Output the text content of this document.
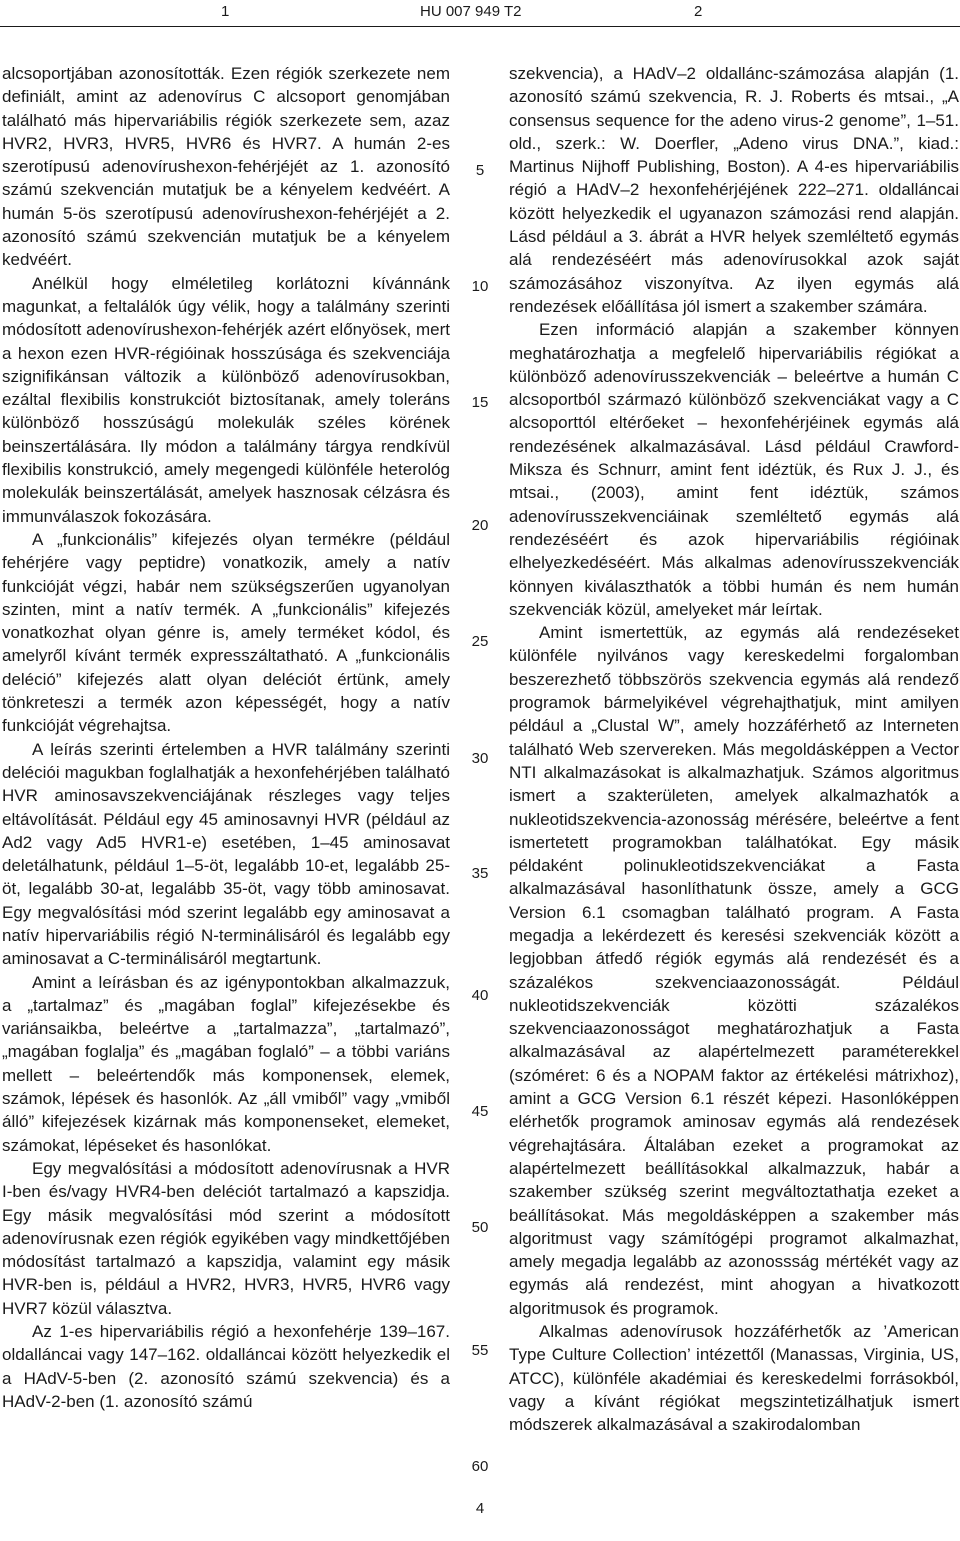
1	HU 007 949 T2	2

alcsoportjában azonosították. Ezen régiók szerkezete nem definiált, amint az adenovírus C alcsoport genomjában található más hipervariábilis régiók szerkezete sem, azaz HVR2, HVR3, HVR5, HVR6 és HVR7. A humán 2-es szerotípusú adenovírushexon-fehérjéjét az 1. azonosító számú szekvencián mutatjuk be a kényelem kedvéért. A humán 5-ös szerotípusú adenovírushexon-fehérjéjét a 2. azonosító számú szekvencián mutatjuk be a kényelem kedvéért.

Anélkül hogy elméletileg korlátozni kívánnánk magunkat, a feltalálók úgy vélik, hogy a találmány szerinti módosított adenovírushexon-fehérjék azért előnyösek, mert a hexon ezen HVR-régióinak hosszúsága és szekvenciája szignifikánsan változik a különböző adenovírusokban, ezáltal flexibilis konstrukciót biztosítanak, amely toleráns különböző hosszúságú molekulák széles körének beinszertálására. Ily módon a találmány tárgya rendkívül flexibilis konstrukció, amely megengedi különféle heterológ molekulák beinszertálását, amelyek hasznosak célzásra és immunválaszok fokozására.

A „funkcionális” kifejezés olyan termékre (például fehérjére vagy peptidre) vonatkozik, amely a natív funkcióját végzi, habár nem szükségszerűen ugyanolyan szinten, mint a natív termék. A „funkcionális” kifejezés vonatkozhat olyan génre is, amely terméket kódol, és amelyről kívánt termék expresszáltatható. A „funkcionális deléció” kifejezés alatt olyan deléciót értünk, amely tönkreteszi a termék azon képességét, hogy a natív funkcióját végrehajtsa.

A leírás szerinti értelemben a HVR találmány szerinti deléciói magukban foglalhatják a hexonfehérjében található HVR aminosavszekvenciájának részleges vagy teljes eltávolítását. Például egy 45 aminosavnyi HVR (például az Ad2 vagy Ad5 HVR1-e) esetében, 1–45 aminosavat deletálhatunk, például 1–5-öt, legalább 10-et, legalább 25-öt, legalább 30-at, legalább 35-öt, vagy több aminosavat. Egy megvalósítási mód szerint legalább egy aminosavat a natív hipervariábilis régió N-terminálisáról és legalább egy aminosavat a C-terminálisáról megtartunk.

Amint a leírásban és az igénypontokban alkalmazzuk, a „tartalmaz” és „magában foglal” kifejezésekbe és variánsaikba, beleértve a „tartalmazza”, „tartalmazó”, „magában foglalja” és „magában foglaló” – a többi variáns mellett – beleértendők más komponensek, elemek, számok, lépések és hasonlók. Az „áll vmiből” vagy „vmiből álló” kifejezések kizárnak más komponenseket, elemeket, számokat, lépéseket és hasonlókat.

Egy megvalósítási a módosított adenovírusnak a HVR I-ben és/vagy HVR4-ben deléciót tartalmazó a kapszidja. Egy másik megvalósítási mód szerint a módosított adenovírusnak ezen régiók egyikében vagy mindkettőjében módosítást tartalmazó a kapszidja, valamint egy másik HVR-ben is, például a HVR2, HVR3, HVR5, HVR6 vagy HVR7 közül választva.

Az 1-es hipervariábilis régió a hexonfehérje 139–167. oldalláncai vagy 147–162. oldalláncai között helyezkedik el a HAdV-5-ben (2. azonosító számú szekvencia) és a HAdV-2-ben (1. azonosító számú

5
10
15
20
25
30
35
40
45
50
55
60

szekvencia), a HAdV–2 oldallánc-számozása alapján (1. azonosító számú szekvencia, R. J. Roberts és mtsai., „A consensus sequence for the adeno virus-2 genome”, 1–51. old., szerk.: W. Doerfler, „Adeno virus DNA.”, kiad.: Martinus Nijhoff Publishing, Boston). A 4-es hipervariábilis régió a HAdV–2 hexonfehérjéjének 222–271. oldalláncai között helyezkedik el ugyanazon számozási rend alapján. Lásd például a 3. ábrát a HVR helyek szemléltető egymás alá rendezéséért más adenovírusokkal azok saját számozásához viszonyítva. Az ilyen egymás alá rendezések előállítása jól ismert a szakember számára.

Ezen információ alapján a szakember könnyen meghatározhatja a megfelelő hipervariábilis régiókat a különböző adenovírusszekvenciák – beleértve a humán C alcsoportból származó különböző szekvenciákat vagy a C alcsoporttól eltérőeket – hexonfehérjéinek egymás alá rendezésének alkalmazásával. Lásd például Crawford-Miksza és Schnurr, amint fent idéztük, és Rux J. J., és mtsai., (2003), amint fent idéztük, számos adenovírusszekvenciáinak szemléltető egymás alá rendezéséért és azok hipervariábilis régióinak elhelyezkedéséért. Más alkalmas adenovírusszekvenciák könnyen kiválaszthatók a többi humán és nem humán szekvenciák közül, amelyeket már leírtak.

Amint ismertettük, az egymás alá rendezéseket különféle nyilvános vagy kereskedelmi forgalomban beszerezhető többszörös szekvencia egymás alá rendező programok bármelyikével végrehajthatjuk, mint amilyen például a „Clustal W”, amely hozzáférhető az Interneten található Web szervereken. Más megoldásképpen a Vector NTI alkalmazásokat is alkalmazhatjuk. Számos algoritmus ismert a szakterületen, amelyek alkalmazhatók a nukleotidszekvencia-azonosság mérésére, beleértve a fent ismertetett programokban találhatókat. Egy másik példaként polinukleotidszekvenciákat a Fasta alkalmazásával hasonlíthatunk össze, amely a GCG Version 6.1 csomagban található program. A Fasta megadja a lekérdezett és keresési szekvenciák között a legjobban átfedő régiók egymás alá rendezését és a százalékos szekvenciaazonosságát. Például nukleotidszekvenciák közötti százalékos szekvenciaazonosságot meghatározhatjuk a Fasta alkalmazásával az alapértelmezett paraméterekkel (szóméret: 6 és a NOPAM faktor az értékelési mátrixhoz), amint a GCG Version 6.1 részét képezi. Hasonlóképpen elérhetők programok aminosav egymás alá rendezések végrehajtására. Általában ezeket a programokat az alapértelmezett beállításokkal alkalmazzuk, habár a szakember szükség szerint megváltoztathatja ezeket a beállításokat. Más megoldásképpen a szakember más algoritmust vagy számítógépi programot alkalmazhat, amely megadja legalább az azonossság mértékét vagy az egymás alá rendezést, mint ahogyan a hivatkozott algoritmusok és programok.

Alkalmas adenovírusok hozzáférhetők az ’American Type Culture Collection’ intézettől (Manassas, Virginia, US, ATCC), különféle akadémiai és kereskedelmi forrásokból, vagy a kívánt régiókat megszintetizálhatjuk ismert módszerek alkalmazásával a szakirodalomban

4
